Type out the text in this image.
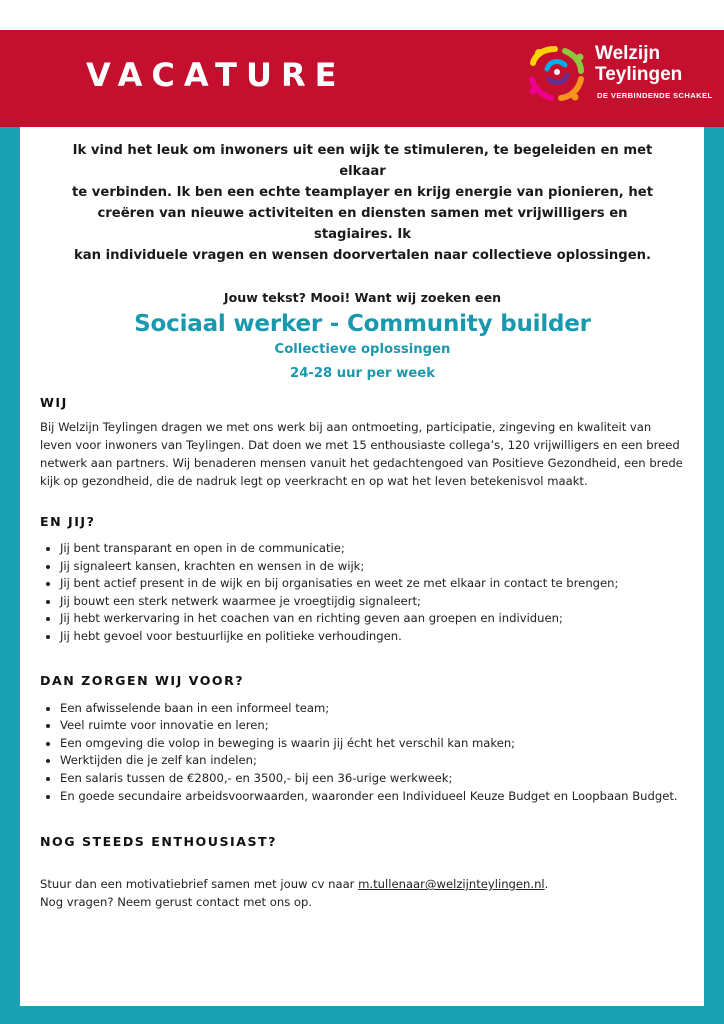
VACATURE
Welzijn
Teylingen
DE VERBINDENDE SCHAKEL
Ik vind het leuk om inwoners uit een wijk te stimuleren, te begeleiden en met elkaar
te verbinden. Ik ben een echte teamplayer en krijg energie van pionieren, het
creëren van nieuwe activiteiten en diensten samen met vrijwilligers en stagiaires. Ik
kan individuele vragen en wensen doorvertalen naar collectieve oplossingen.
Jouw tekst? Mooi! Want wij zoeken een
Sociaal werker - Community builder
Collectieve oplossingen
24-28 uur per week
WIJ

Bij Welzijn Teylingen dragen we met ons werk bij aan ontmoeting, participatie, zingeving en kwaliteit van leven voor inwoners van Teylingen. Dat doen we met 15 enthousiaste collega’s, 120 vrijwilligers en een breed netwerk aan partners. Wij benaderen mensen vanuit het gedachtengoed van Positieve Gezondheid, een brede kijk op gezondheid, die de nadruk legt op veerkracht en op wat het leven betekenisvol maakt.

EN JIJ?
• Jij bent transparant en open in de communicatie;
• Jij signaleert kansen, krachten en wensen in de wijk;
• Jij bent actief present in de wijk en bij organisaties en weet ze met elkaar in contact te brengen;
• Jij bouwt een sterk netwerk waarmee je vroegtijdig signaleert;
• Jij hebt werkervaring in het coachen van en richting geven aan groepen en individuen;
• Jij hebt gevoel voor bestuurlijke en politieke verhoudingen.
DAN ZORGEN WIJ VOOR?
• Een afwisselende baan in een informeel team;
• Veel ruimte voor innovatie en leren;
• Een omgeving die volop in beweging is waarin jij écht het verschil kan maken;
• Werktijden die je zelf kan indelen;
• Een salaris tussen de €2800,- en 3500,- bij een 36-urige werkweek;
• En goede secundaire arbeidsvoorwaarden, waaronder een Individueel Keuze Budget en Loopbaan Budget.
NOG STEEDS ENTHOUSIAST?
Stuur dan een motivatiebrief samen met jouw cv naar m.tullenaar@welzijnteylingen.nl.
Nog vragen? Neem gerust contact met ons op.
